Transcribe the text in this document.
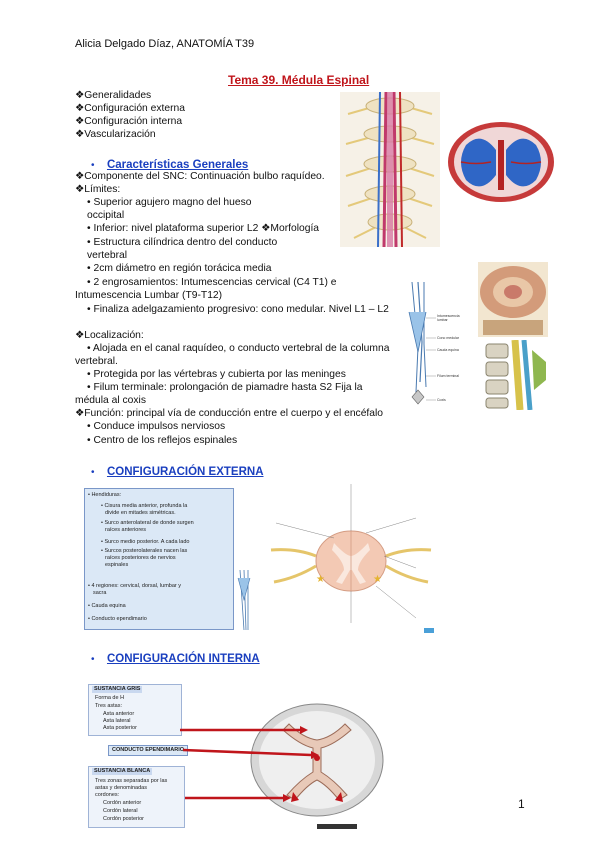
Alicia Delgado Díaz, ANATOMÍA T39
Tema 39. Médula Espinal
❖Generalidades
❖Configuración externa
❖Configuración interna
❖Vascularización
• Características Generales
❖Componente del SNC: Continuación bulbo raquídeo.
❖Límites:
• Superior agujero magno del hueso
occipital
• Inferior: nivel plataforma superior L2 ❖Morfología
• Estructura cilíndrica dentro del conducto
vertebral
• 2cm diámetro en región torácica media
• 2 engrosamientos: Intumescencias cervical (C4 T1) e
Intumescencia Lumbar (T9-T12)
• Finaliza adelgazamiento progresivo: cono medular. Nivel L1 – L2
❖Localización:
• Alojada en el canal raquídeo, o conducto vertebral de la columna
vertebral.
• Protegida por las vértebras y cubierta por las meninges
• Filum terminale: prolongación de piamadre hasta S2 Fija la
médula al coxis
❖Función: principal vía de conducción entre el cuerpo y el encéfalo
• Conduce impulsos nerviosos
• Centro de los reflejos espinales
Intumescencia
lumbar
Cono medular
Cauda equina
Filum terminal
Coxis
• CONFIGURACIÓN EXTERNA
• Hendiduras:
• Cisura media anterior, profunda la
divide en mitades simétricas.
• Surco anterolateral de donde surgen
raíces anteriores
• Surco medio posterior. A cada lado
• Surcos posterolaterales nacen las
raíces posteriores de nervios
espinales
• 4 regiones: cervical, dorsal, lumbar y
sacra
• Cauda equina
• Conducto ependimario
★
★
• CONFIGURACIÓN INTERNA
SUSTANCIA GRIS
Forma de H
Tres astas:
Asta anterior
Asta lateral
Asta posterior
CONDUCTO EPENDIMARIO
SUSTANCIA BLANCA
Tres zonas separadas por las
astas y denominadas
cordones:
Cordón anterior
Cordón lateral
Cordón posterior
1
